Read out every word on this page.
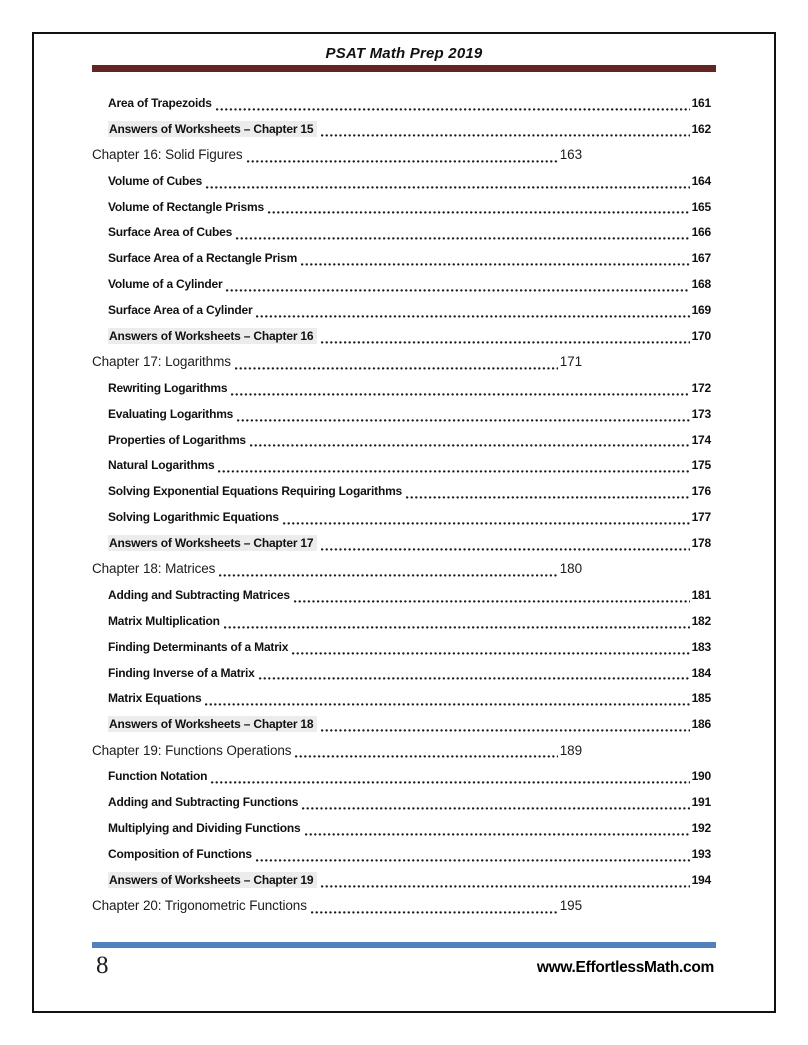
PSAT Math Prep 2019
Area of Trapezoids	161
Answers of Worksheets – Chapter 15	162
Chapter 16: Solid Figures	163
Volume of Cubes	164
Volume of Rectangle Prisms	165
Surface Area of Cubes	166
Surface Area of a Rectangle Prism	167
Volume of a Cylinder	168
Surface Area of a Cylinder	169
Answers of Worksheets – Chapter 16	170
Chapter 17: Logarithms	171
Rewriting Logarithms	172
Evaluating Logarithms	173
Properties of Logarithms	174
Natural Logarithms	175
Solving Exponential Equations Requiring Logarithms	176
Solving Logarithmic Equations	177
Answers of Worksheets – Chapter 17	178
Chapter 18: Matrices	180
Adding and Subtracting Matrices	181
Matrix Multiplication	182
Finding Determinants of a Matrix	183
Finding Inverse of a Matrix	184
Matrix Equations	185
Answers of Worksheets – Chapter 18	186
Chapter 19: Functions Operations	189
Function Notation	190
Adding and Subtracting Functions	191
Multiplying and Dividing Functions	192
Composition of Functions	193
Answers of Worksheets – Chapter 19	194
Chapter 20: Trigonometric Functions	195
8	www.EffortlessMath.com
